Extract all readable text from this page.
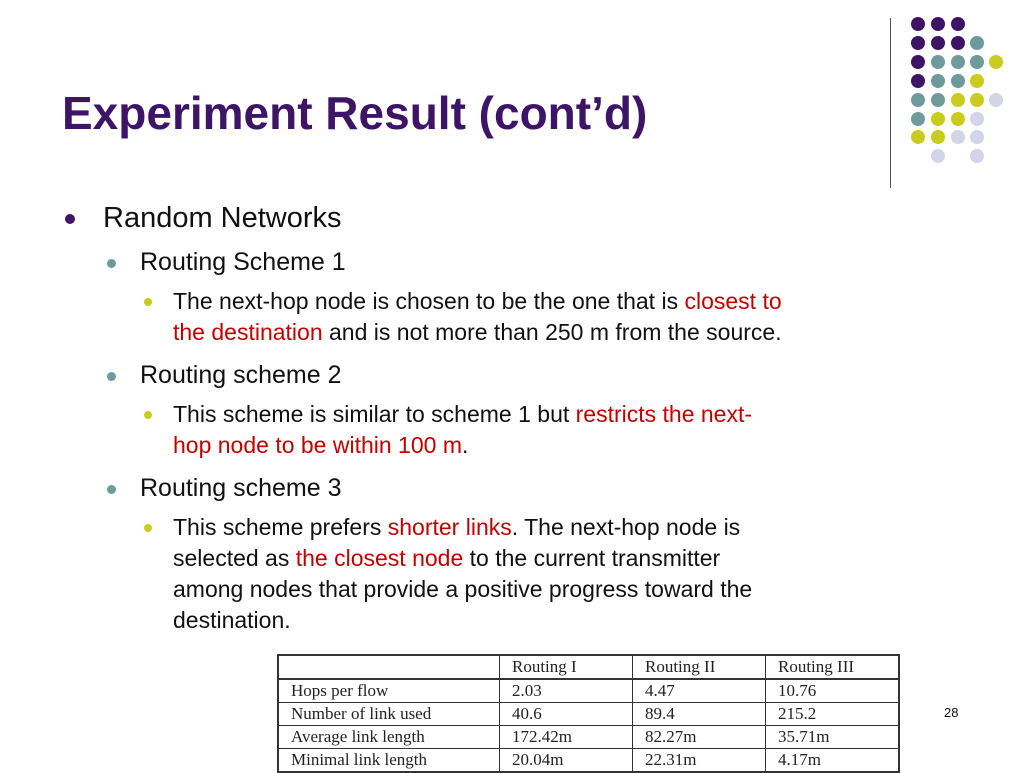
Experiment Result (cont’d)
Random Networks
Routing Scheme 1
The next-hop node is chosen to be the one that is closest to
the destination and is not more than 250 m from the source.
Routing scheme 2
This scheme is similar to scheme 1 but restricts the next-
hop node to be within 100 m.
Routing scheme 3
This scheme prefers shorter links. The next-hop node is
selected as the closest node to the current transmitter
among nodes that provide a positive progress toward the
destination.
	Routing I	Routing II	Routing III
Hops per flow	2.03	4.47	10.76
Number of link used	40.6	89.4	215.2
Average link length	172.42m	82.27m	35.71m
Minimal link length	20.04m	22.31m	4.17m
28
